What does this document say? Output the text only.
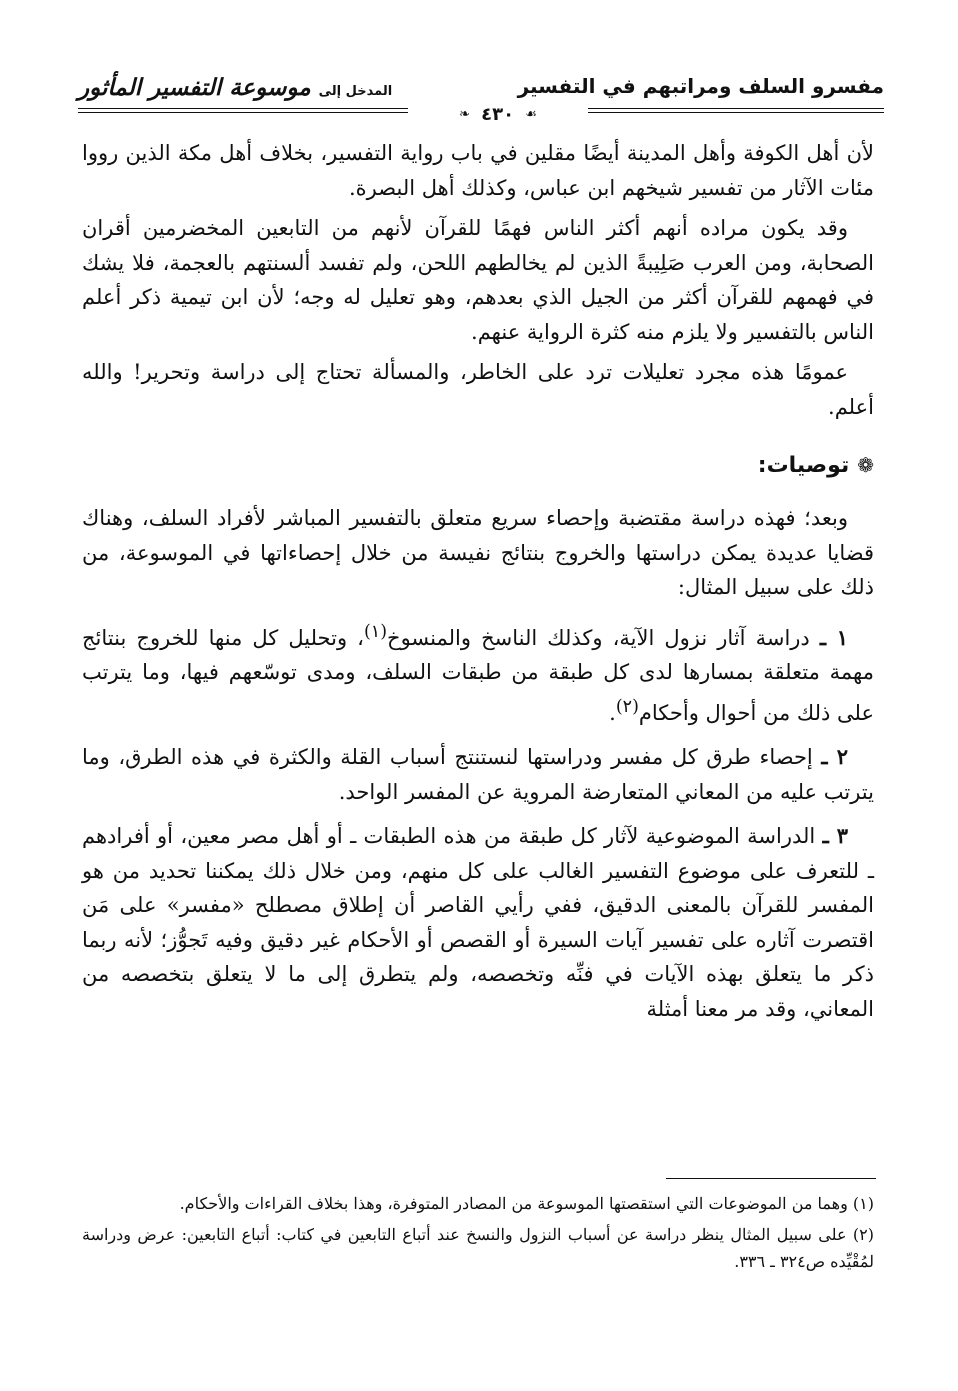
موسوعة التفسير المأثور المدخل إلى	مفسرو السلف ومراتبهم في التفسير
❧ ٤٣٠ ☙

لأن أهل الكوفة وأهل المدينة أيضًا مقلين في باب رواية التفسير، بخلاف أهل مكة الذين رووا مئات الآثار من تفسير شيخهم ابن عباس، وكذلك أهل البصرة.

وقد يكون مراده أنهم أكثر الناس فهمًا للقرآن لأنهم من التابعين المخضرمين أقران الصحابة، ومن العرب صَلِيبةً الذين لم يخالطهم اللحن، ولم تفسد ألسنتهم بالعجمة، فلا يشك في فهمهم للقرآن أكثر من الجيل الذي بعدهم، وهو تعليل له وجه؛ لأن ابن تيمية ذكر أعلم الناس بالتفسير ولا يلزم منه كثرة الرواية عنهم.

عمومًا هذه مجرد تعليلات ترد على الخاطر، والمسألة تحتاج إلى دراسة وتحرير! والله أعلم.

❁توصيات:

وبعد؛ فهذه دراسة مقتضبة وإحصاء سريع متعلق بالتفسير المباشر لأفراد السلف، وهناك قضايا عديدة يمكن دراستها والخروج بنتائج نفيسة من خلال إحصاءاتها في الموسوعة، من ذلك على سبيل المثال:

١ ـ دراسة آثار نزول الآية، وكذلك الناسخ والمنسوخ$^{(١)}$، وتحليل كل منها للخروج بنتائج مهمة متعلقة بمسارها لدى كل طبقة من طبقات السلف، ومدى توسّعهم فيها، وما يترتب على ذلك من أحوال وأحكام$^{(٢)}$.

٢ ـ إحصاء طرق كل مفسر ودراستها لنستنتج أسباب القلة والكثرة في هذه الطرق، وما يترتب عليه من المعاني المتعارضة المروية عن المفسر الواحد.

٣ ـ الدراسة الموضوعية لآثار كل طبقة من هذه الطبقات ـ أو أهل مصر معين، أو أفرادهم ـ للتعرف على موضوع التفسير الغالب على كل منهم، ومن خلال ذلك يمكننا تحديد من هو المفسر للقرآن بالمعنى الدقيق، ففي رأيي القاصر أن إطلاق مصطلح «مفسر» على مَن اقتصرت آثاره على تفسير آيات السيرة أو القصص أو الأحكام غير دقيق وفيه تَجوُّز؛ لأنه ربما ذكر ما يتعلق بهذه الآيات في فنِّه وتخصصه، ولم يتطرق إلى ما لا يتعلق بتخصصه من المعاني، وقد مر معنا أمثلة

(١) وهما من الموضوعات التي استقصتها الموسوعة من المصادر المتوفرة، وهذا بخلاف القراءات والأحكام.

(٢) على سبيل المثال ينظر دراسة عن أسباب النزول والنسخ عند أتباع التابعين في كتاب: أتباع التابعين: عرض ودراسة لمُقْيِّده ص٣٢٤ ـ ٣٣٦.
